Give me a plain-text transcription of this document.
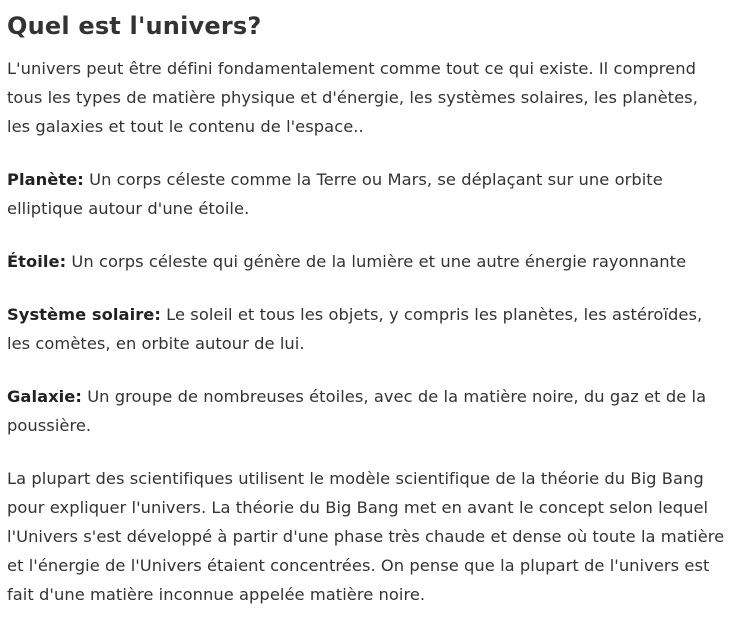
Quel est l'univers?

L'univers peut être défini fondamentalement comme tout ce qui existe. Il comprend tous les types de matière physique et d'énergie, les systèmes solaires, les planètes, les galaxies et tout le contenu de l'espace..

Planète: Un corps céleste comme la Terre ou Mars, se déplaçant sur une orbite elliptique autour d'une étoile.

Étoile: Un corps céleste qui génère de la lumière et une autre énergie rayonnante

Système solaire: Le soleil et tous les objets, y compris les planètes, les astéroïdes, les comètes, en orbite autour de lui.

Galaxie: Un groupe de nombreuses étoiles, avec de la matière noire, du gaz et de la poussière.

La plupart des scientifiques utilisent le modèle scientifique de la théorie du Big Bang pour expliquer l'univers. La théorie du Big Bang met en avant le concept selon lequel l'Univers s'est développé à partir d'une phase très chaude et dense où toute la matière et l'énergie de l'Univers étaient concentrées. On pense que la plupart de l'univers est fait d'une matière inconnue appelée matière noire.
